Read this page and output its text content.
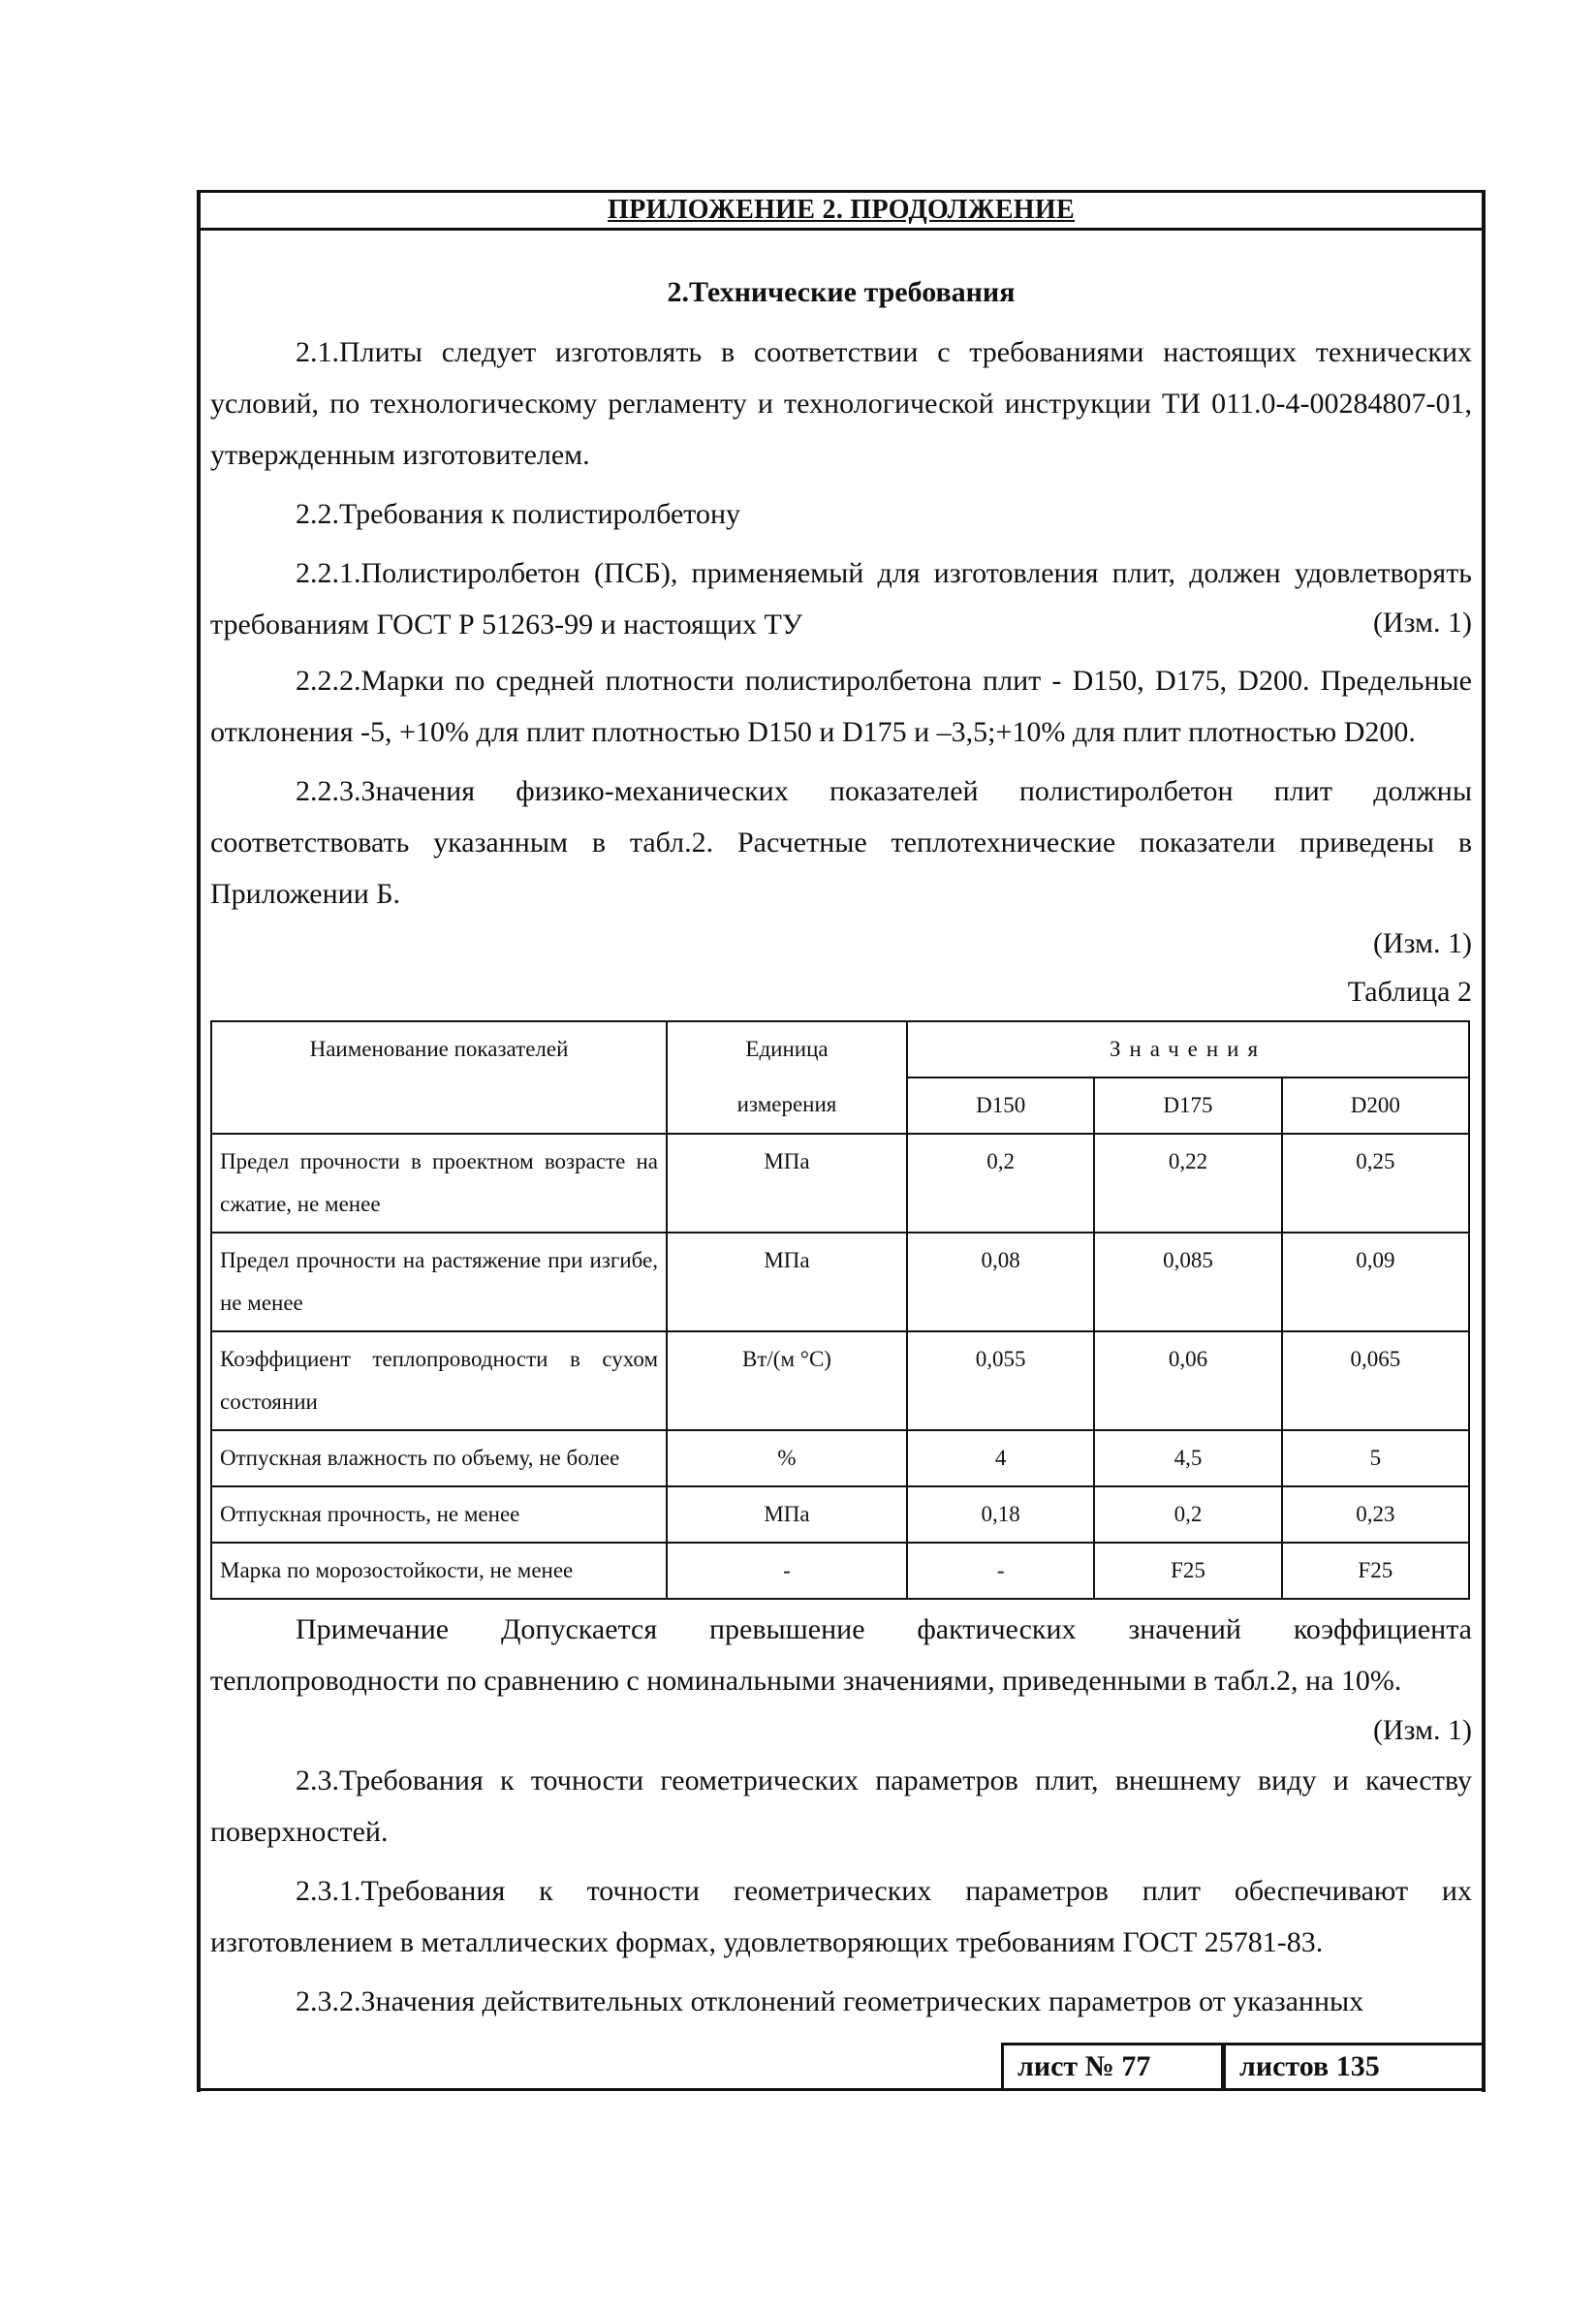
ПРИЛОЖЕНИЕ 2. ПРОДОЛЖЕНИЕ
2.Технические требования

2.1.Плиты следует изготовлять в соответствии с требованиями настоящих технических условий, по технологическому регламенту и технологической инструкции ТИ 011.0-4-00284807-01, утвержденным изготовителем.

2.2.Требования к полистиролбетону

2.2.1.Полистиролбетон (ПСБ), применяемый для изготовления плит, должен удовлетворять требованиям ГОСТ Р 51263-99 и настоящих ТУ	(Изм. 1)

2.2.2.Марки по средней плотности полистиролбетона плит - D150, D175, D200. Предельные отклонения -5, +10% для плит плотностью D150 и D175 и –3,5;+10% для плит плотностью D200.

2.2.3.Значения физико-механических показателей полистиролбетон плит должны соответствовать указанным в табл.2. Расчетные теплотехнические показатели приведены в Приложении Б.

(Изм. 1)

Таблица 2

Наименование показателей	Единица	Значения		
	измерения	D150	D175	D200
Предел прочности в проектном возрасте на сжатие, не менее	МПа	0,2	0,22	0,25
Предел прочности на растяжение при изгибе, не менее	МПа	0,08	0,085	0,09
Коэффициент теплопроводности в сухом состоянии	Вт/(м °С)	0,055	0,06	0,065
Отпускная влажность по объему, не более	%	4	4,5	5
Отпускная прочность, не менее	МПа	0,18	0,2	0,23
Марка по морозостойкости, не менее	-	-	F25	F25

Примечание Допускается превышение фактических значений коэффициента теплопроводности по сравнению с номинальными значениями, приведенными в табл.2, на 10%.

(Изм. 1)

2.3.Требования к точности геометрических параметров плит, внешнему виду и качеству поверхностей.

2.3.1.Требования к точности геометрических параметров плит обеспечивают их изготовлением в металлических формах, удовлетворяющих требованиям ГОСТ 25781-83.

2.3.2.Значения действительных отклонений геометрических параметров от указанных

лист № 77	листов 135
